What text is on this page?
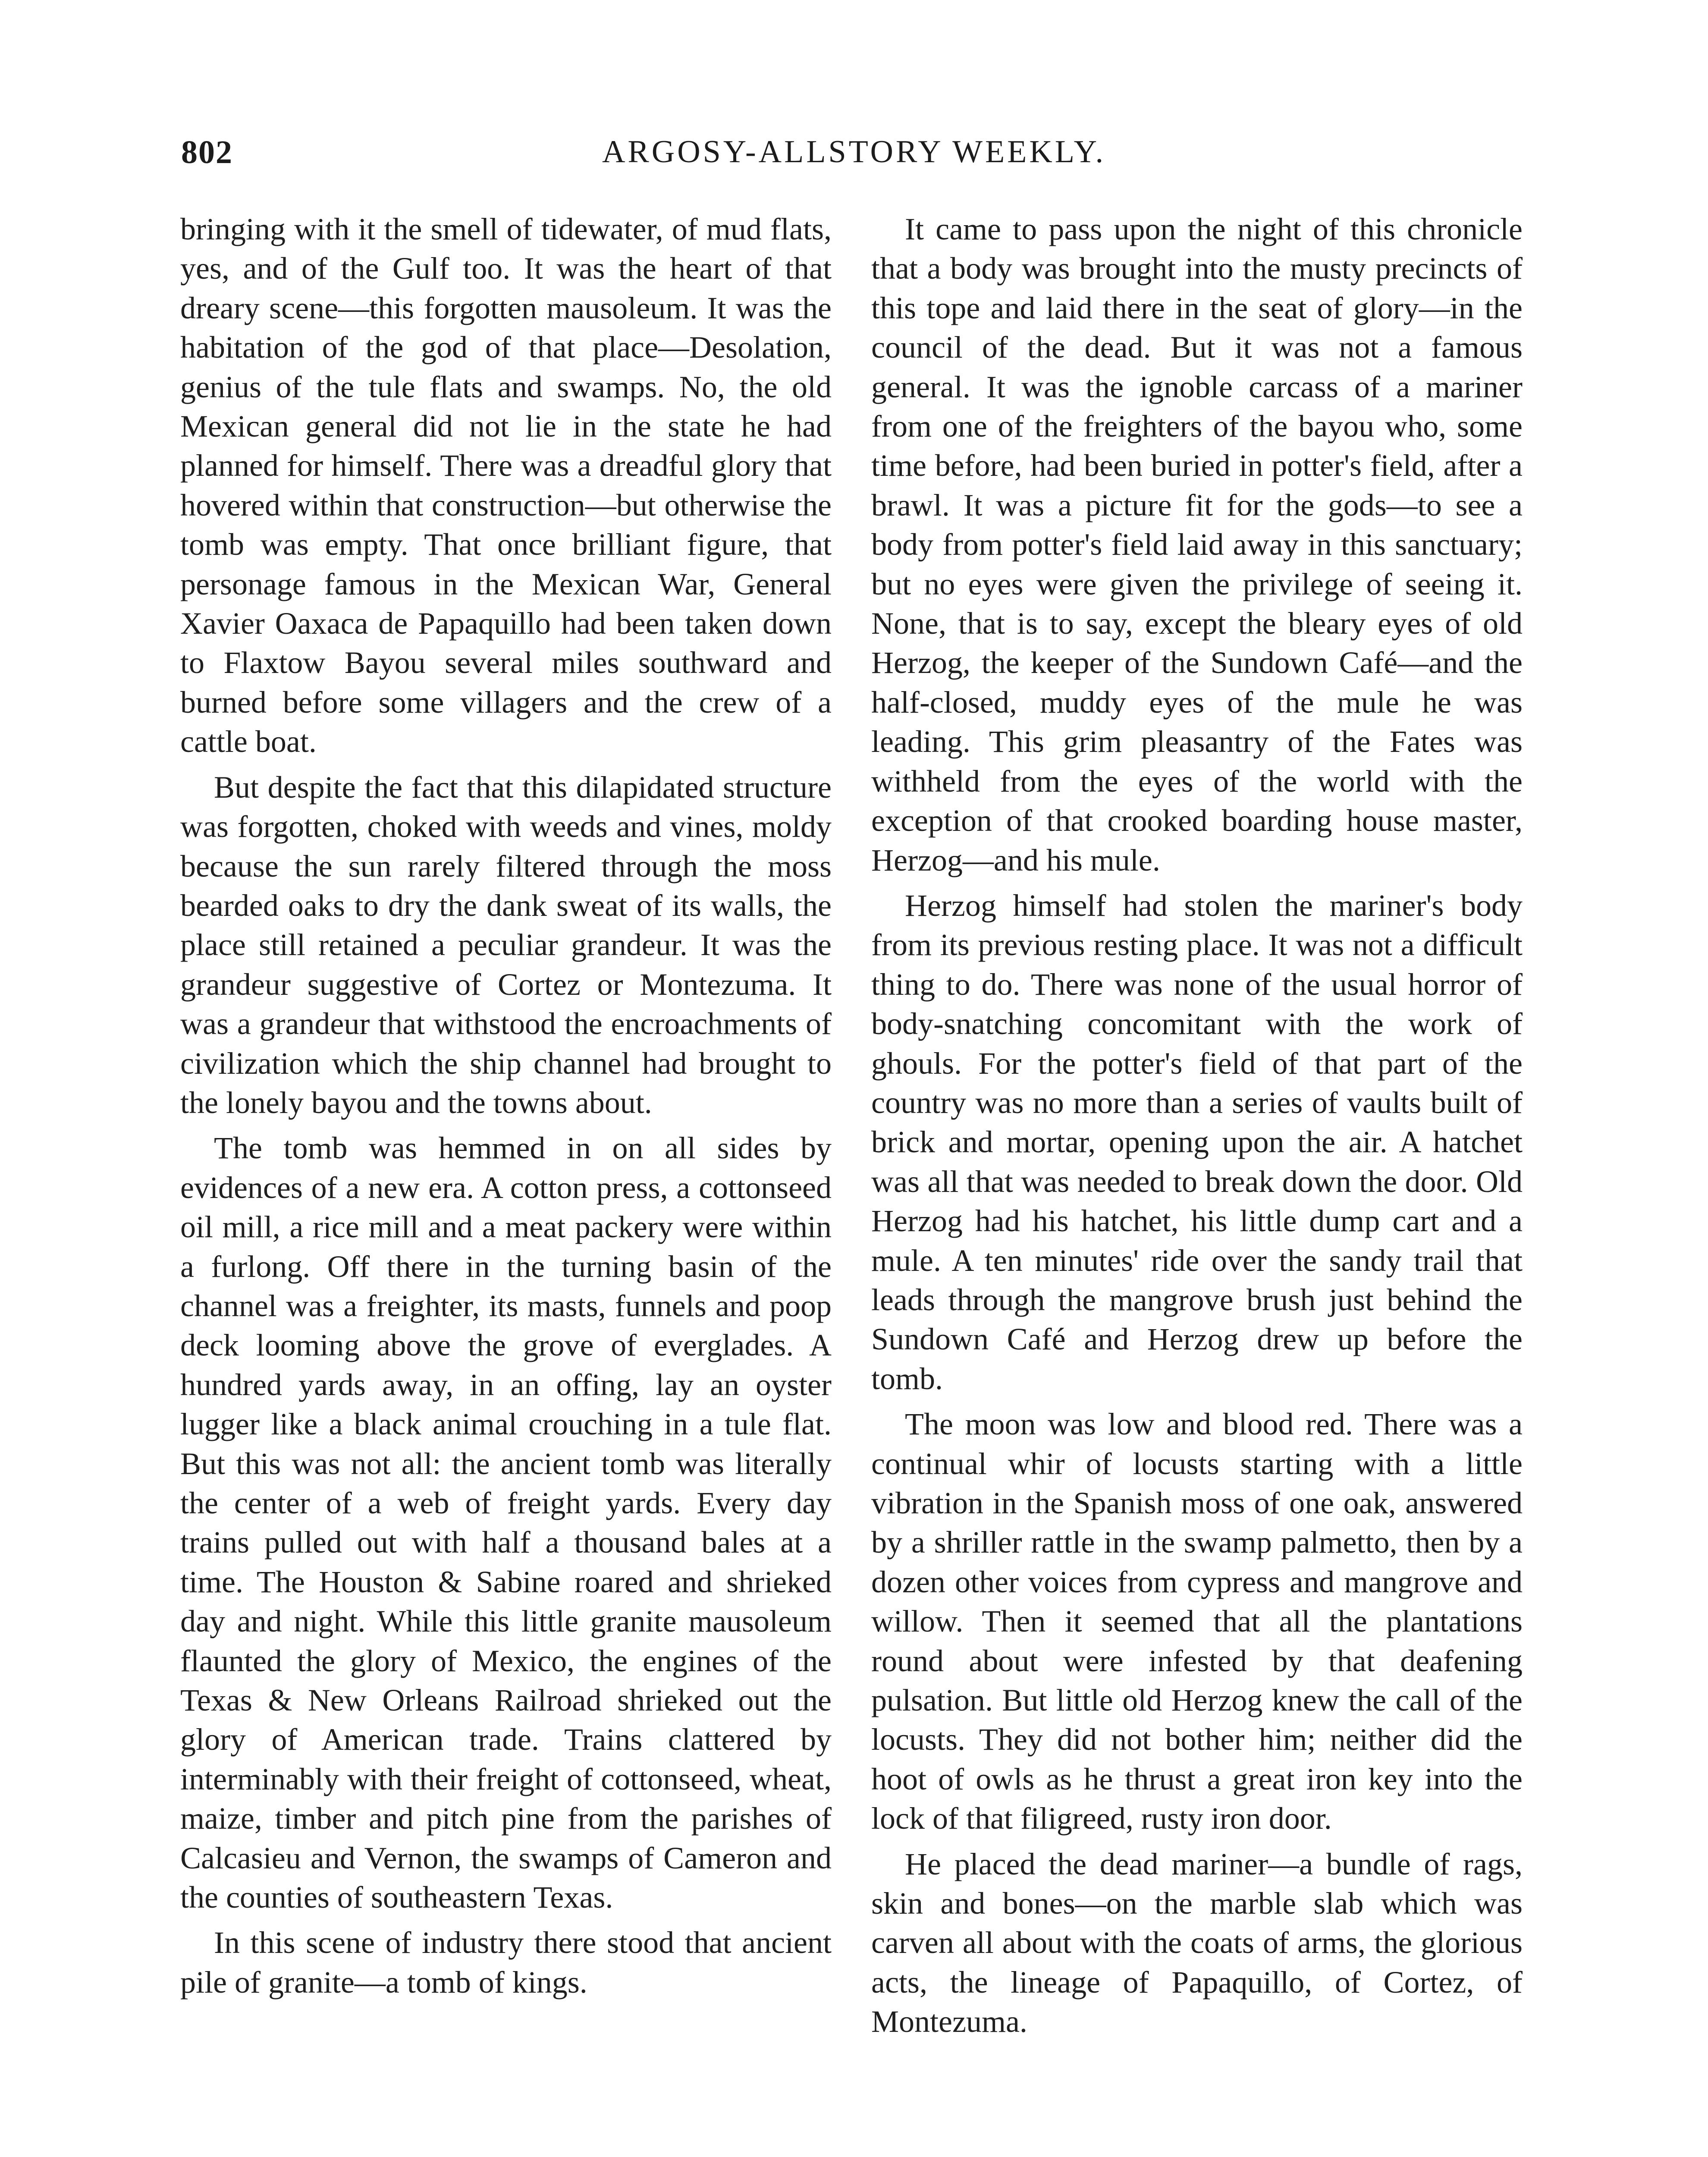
802	ARGOSY-ALLSTORY WEEKLY.

bringing with it the smell of tidewater, of mud flats, yes, and of the Gulf too. It was the heart of that dreary scene—this forgotten mausoleum. It was the habitation of the god of that place—Desolation, genius of the tule flats and swamps. No, the old Mexican general did not lie in the state he had planned for himself. There was a dreadful glory that hovered within that construction—but otherwise the tomb was empty. That once brilliant figure, that personage famous in the Mexican War, General Xavier Oaxaca de Papaquillo had been taken down to Flaxtow Bayou several miles southward and burned before some villagers and the crew of a cattle boat.

But despite the fact that this dilapidated structure was forgotten, choked with weeds and vines, moldy because the sun rarely filtered through the moss bearded oaks to dry the dank sweat of its walls, the place still retained a peculiar grandeur. It was the grandeur suggestive of Cortez or Montezuma. It was a grandeur that withstood the encroachments of civilization which the ship channel had brought to the lonely bayou and the towns about.

The tomb was hemmed in on all sides by evidences of a new era. A cotton press, a cottonseed oil mill, a rice mill and a meat packery were within a furlong. Off there in the turning basin of the channel was a freighter, its masts, funnels and poop deck looming above the grove of everglades. A hundred yards away, in an offing, lay an oyster lugger like a black animal crouching in a tule flat. But this was not all: the ancient tomb was literally the center of a web of freight yards. Every day trains pulled out with half a thousand bales at a time. The Houston & Sabine roared and shrieked day and night. While this little granite mausoleum flaunted the glory of Mexico, the engines of the Texas & New Orleans Railroad shrieked out the glory of American trade. Trains clattered by interminably with their freight of cottonseed, wheat, maize, timber and pitch pine from the parishes of Calcasieu and Vernon, the swamps of Cameron and the counties of southeastern Texas.

In this scene of industry there stood that ancient pile of granite—a tomb of kings.

It came to pass upon the night of this chronicle that a body was brought into the musty precincts of this tope and laid there in the seat of glory—in the council of the dead. But it was not a famous general. It was the ignoble carcass of a mariner from one of the freighters of the bayou who, some time before, had been buried in potter's field, after a brawl. It was a picture fit for the gods—to see a body from potter's field laid away in this sanctuary; but no eyes were given the privilege of seeing it. None, that is to say, except the bleary eyes of old Herzog, the keeper of the Sundown Café—and the half-closed, muddy eyes of the mule he was leading. This grim pleasantry of the Fates was withheld from the eyes of the world with the exception of that crooked boarding house master, Herzog—and his mule.

Herzog himself had stolen the mariner's body from its previous resting place. It was not a difficult thing to do. There was none of the usual horror of body-snatching concomitant with the work of ghouls. For the potter's field of that part of the country was no more than a series of vaults built of brick and mortar, opening upon the air. A hatchet was all that was needed to break down the door. Old Herzog had his hatchet, his little dump cart and a mule. A ten minutes' ride over the sandy trail that leads through the mangrove brush just behind the Sundown Café and Herzog drew up before the tomb.

The moon was low and blood red. There was a continual whir of locusts starting with a little vibration in the Spanish moss of one oak, answered by a shriller rattle in the swamp palmetto, then by a dozen other voices from cypress and mangrove and willow. Then it seemed that all the plantations round about were infested by that deafening pulsation. But little old Herzog knew the call of the locusts. They did not bother him; neither did the hoot of owls as he thrust a great iron key into the lock of that filigreed, rusty iron door.

He placed the dead mariner—a bundle of rags, skin and bones—on the marble slab which was carven all about with the coats of arms, the glorious acts, the lineage of Papaquillo, of Cortez, of Montezuma.
